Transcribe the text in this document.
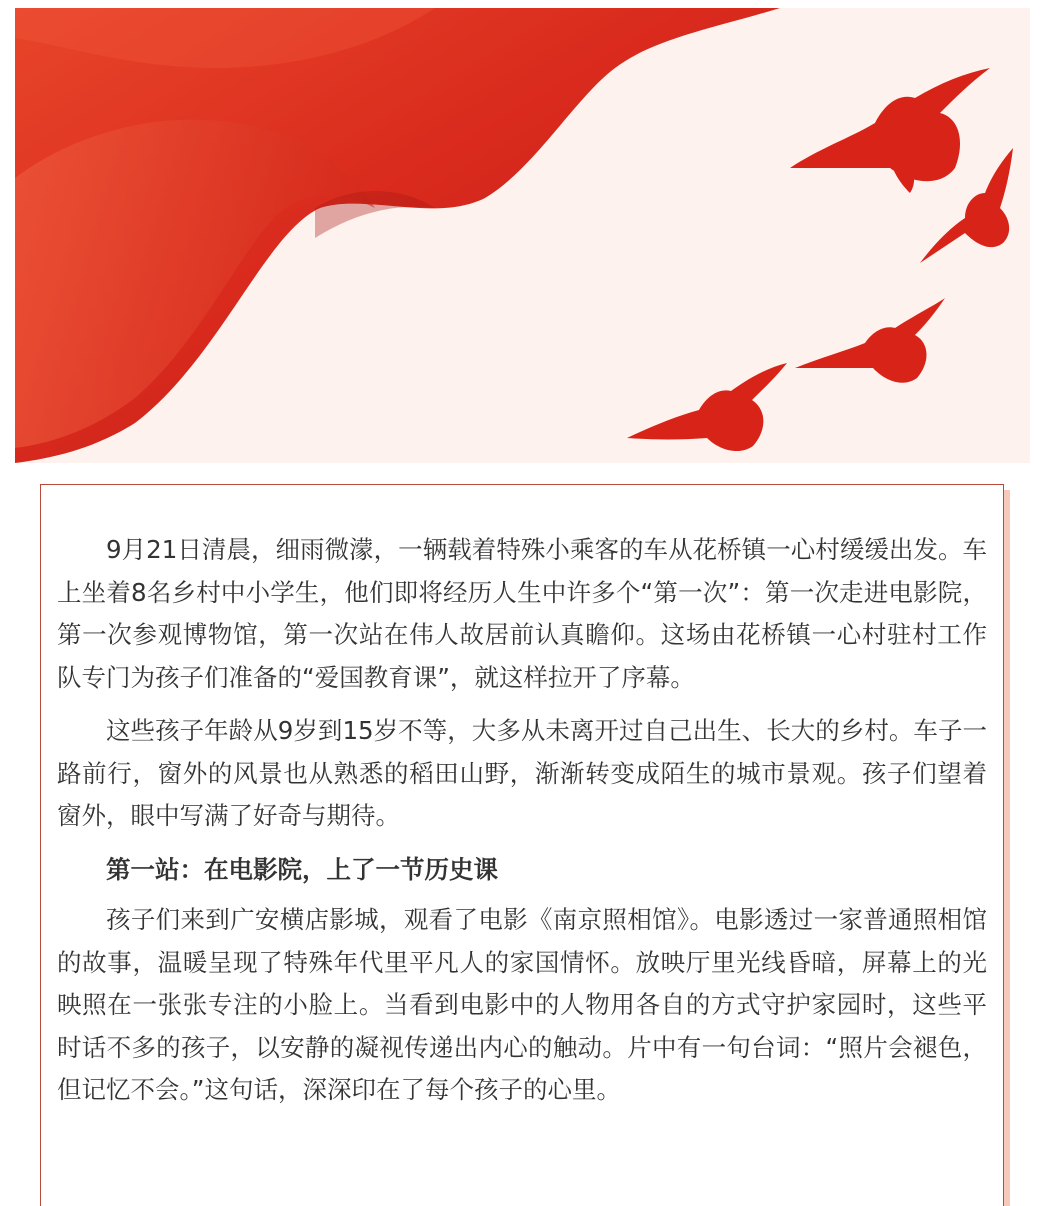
9月21日清晨，细雨微濛，一辆载着特殊小乘客的车从花桥镇一心村缓缓出发。车上坐着8名乡村中小学生，他们即将经历人生中许多个“第一次”：第一次走进电影院，第一次参观博物馆，第一次站在伟人故居前认真瞻仰。这场由花桥镇一心村驻村工作队专门为孩子们准备的“爱国教育课”，就这样拉开了序幕。

这些孩子年龄从9岁到15岁不等，大多从未离开过自己出生、长大的乡村。车子一路前行，窗外的风景也从熟悉的稻田山野，渐渐转变成陌生的城市景观。孩子们望着窗外，眼中写满了好奇与期待。

第一站：在电影院，上了一节历史课

孩子们来到广安横店影城，观看了电影《南京照相馆》。电影透过一家普通照相馆的故事，温暖呈现了特殊年代里平凡人的家国情怀。放映厅里光线昏暗，屏幕上的光映照在一张张专注的小脸上。当看到电影中的人物用各自的方式守护家园时，这些平时话不多的孩子，以安静的凝视传递出内心的触动。片中有一句台词：“照片会褪色，但记忆不会。”这句话，深深印在了每个孩子的心里。
